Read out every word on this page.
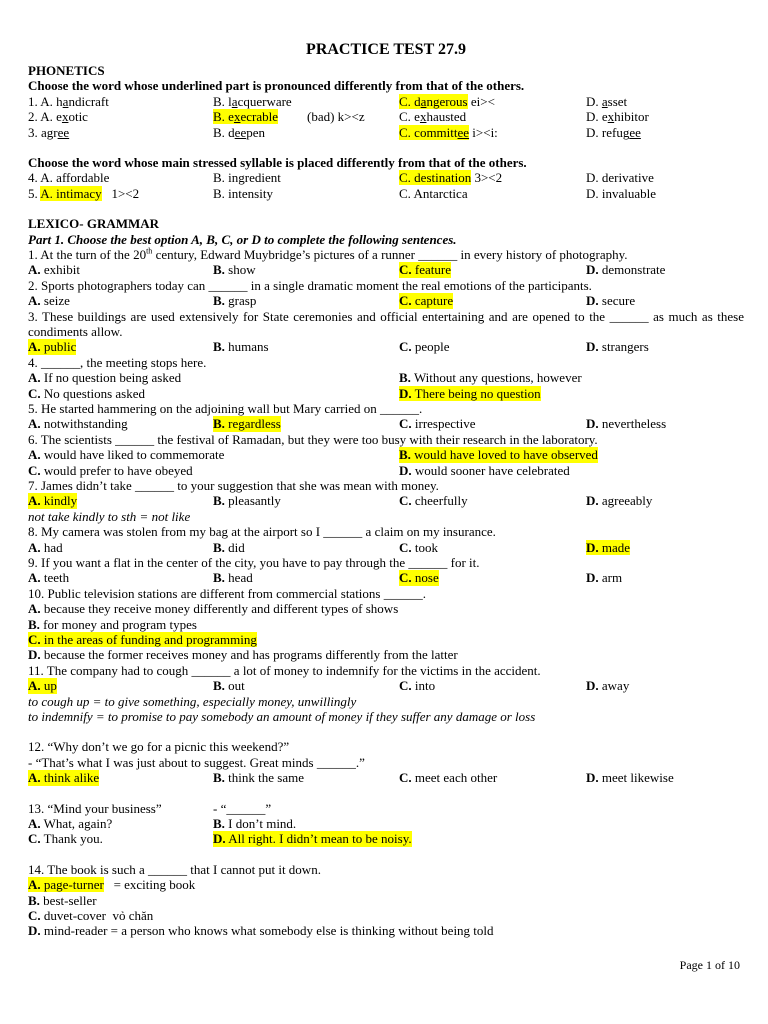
PRACTICE TEST 27.9
PHONETICS
Choose the word whose underlined part is pronounced differently from that of the others.
1. A. handicraft	B. lacquerware	C. dangerous ei><	D. asset
2. A. exotic	B. execrable (bad) k><z	C. exhausted	D. exhibitor
3. agree	B. deepen	C. committee i><i:	D. refugee
Choose the word whose main stressed syllable is placed differently from that of the others.
4. A. affordable	B. ingredient	C. destination 3><2	D. derivative
5. A. intimacy 1><2	B. intensity	C. Antarctica	D. invaluable
LEXICO- GRAMMAR
Part 1. Choose the best option A, B, C, or D to complete the following sentences.
1. At the turn of the 20th century, Edward Muybridge’s pictures of a runner ______ in every history of photography.
A. exhibit	B. show	C. feature	D. demonstrate
2. Sports photographers today can ______ in a single dramatic moment the real emotions of the participants.
A. seize	B. grasp	C. capture	D. secure
3. These buildings are used extensively for State ceremonies and official entertaining and are opened to the ______ as much as these condiments allow.
A. public	B. humans	C. people	D. strangers
4. ______, the meeting stops here.
A. If no question being asked	B. Without any questions, however
C. No questions asked	D. There being no question
5. He started hammering on the adjoining wall but Mary carried on ______.
A. notwithstanding	B. regardless	C. irrespective	D. nevertheless
6. The scientists ______ the festival of Ramadan, but they were too busy with their research in the laboratory.
A. would have liked to commemorate	B. would have loved to have observed
C. would prefer to have obeyed	D. would sooner have celebrated
7. James didn’t take ______ to your suggestion that she was mean with money.
A. kindly	B. pleasantly	C. cheerfully	D. agreeably
not take kindly to sth = not like
8. My camera was stolen from my bag at the airport so I ______ a claim on my insurance.
A. had	B. did	C. took	D. made
9. If you want a flat in the center of the city, you have to pay through the ______ for it.
A. teeth	B. head	C. nose	D. arm
10. Public television stations are different from commercial stations ______.
A. because they receive money differently and different types of shows
B. for money and program types
C. in the areas of funding and programming
D. because the former receives money and has programs differently from the latter
11. The company had to cough ______ a lot of money to indemnify for the victims in the accident.
A. up	B. out	C. into	D. away
to cough up = to give something, especially money, unwillingly
to indemnify = to promise to pay somebody an amount of money if they suffer any damage or loss
12. “Why don’t we go for a picnic this weekend?”
- “That’s what I was just about to suggest. Great minds ______.”
A. think alike	B. think the same	C. meet each other	D. meet likewise
13. “Mind your business”	- “______”
A. What, again?	B. I don’t mind.
C. Thank you.	D. All right. I didn’t mean to be noisy.
14. The book is such a ______ that I cannot put it down.
A. page-turner = exciting book
B. best-seller
C. duvet-cover vỏ chăn
D. mind-reader = a person who knows what somebody else is thinking without being told
Page 1 of 10
